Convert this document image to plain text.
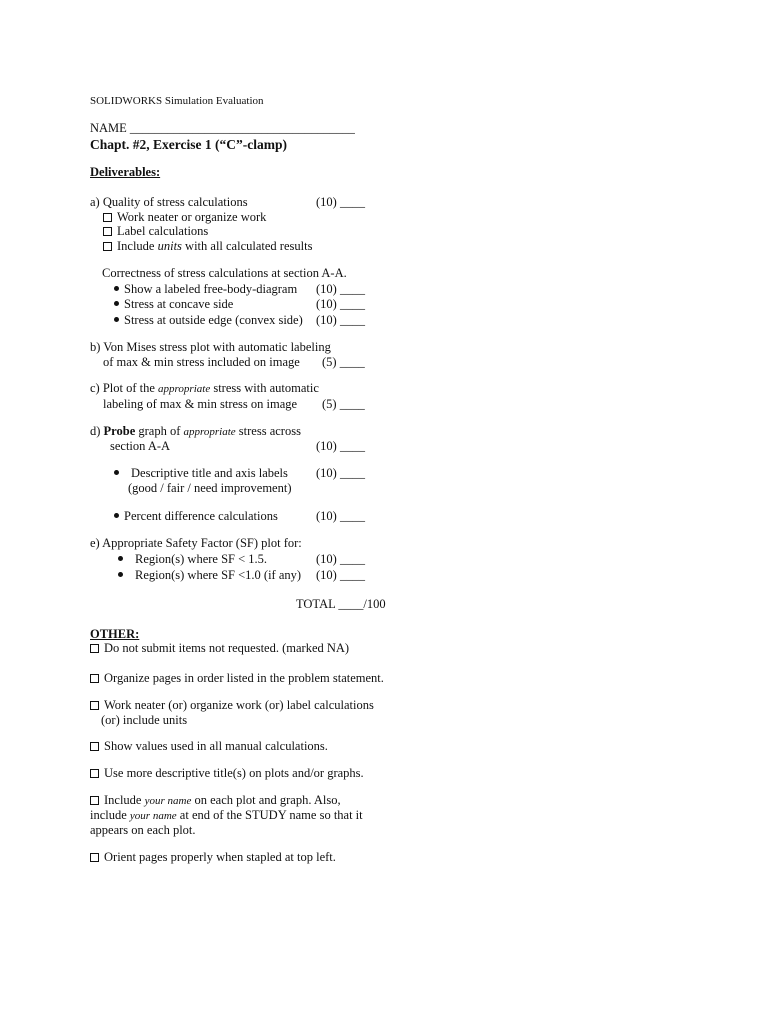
SOLIDWORKS Simulation Evaluation
NAME ____________________________________
Chapt. #2, Exercise 1 (“C”-clamp)
Deliverables:
a) Quality of stress calculations	(10) ____
Work neater or organize work
Label calculations
Include units with all calculated results
Correctness of stress calculations at section A-A.
Show a labeled free-body-diagram (10) ____
Stress at concave side	(10) ____
Stress at outside edge (convex side) (10) ____
b) Von Mises stress plot with automatic labeling
of max & min stress included on image (5) ____
c) Plot of the appropriate stress with automatic
labeling of max & min stress on image (5) ____
d) Probe graph of appropriate stress across
section A-A	(10) ____
Descriptive title and axis labels (10) ____
(good / fair / need improvement)
Percent difference calculations	(10) ____
e) Appropriate Safety Factor (SF) plot for:
Region(s) where SF < 1.5.	(10) ____
Region(s) where SF <1.0 (if any) (10) ____
TOTAL ____/100
OTHER:
Do not submit items not requested. (marked NA)
Organize pages in order listed in the problem statement.
Work neater (or) organize work (or) label calculations
(or) include units
Show values used in all manual calculations.
Use more descriptive title(s) on plots and/or graphs.
Include your name on each plot and graph. Also,
include your name at end of the STUDY name so that it
appears on each plot.
Orient pages properly when stapled at top left.
